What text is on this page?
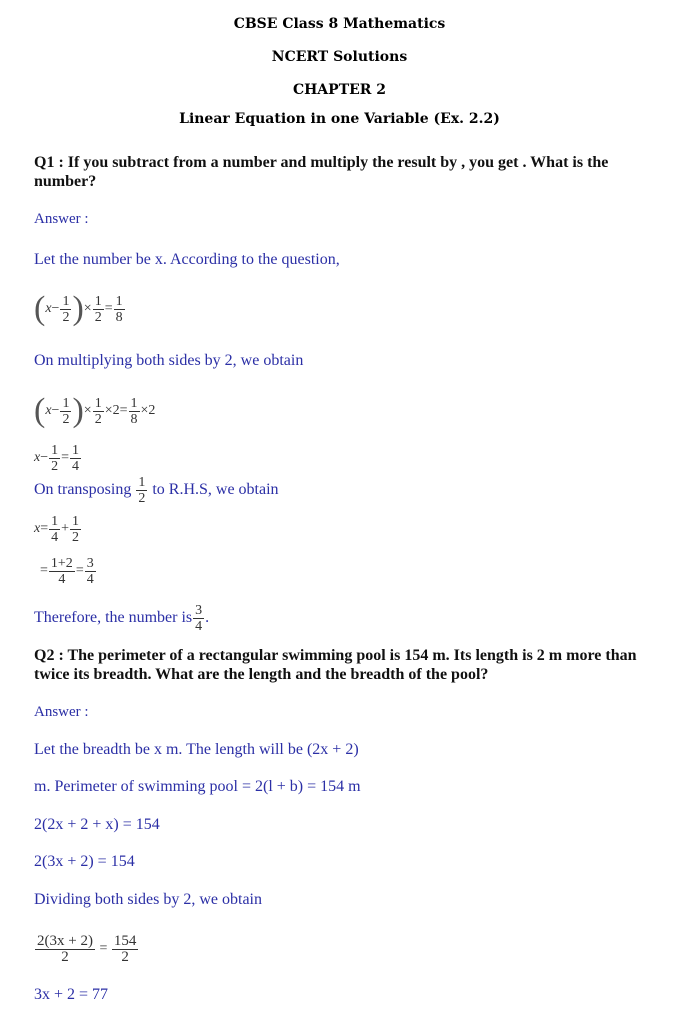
CBSE Class 8 Mathematics
NCERT Solutions
CHAPTER 2
Linear Equation in one Variable (Ex. 2.2)
Q1 : If you subtract from a number and multiply the result by , you get . What is the number?
Answer :
Let the number be x. According to the question,
( $x - \frac{1}{2}$ ) × $\frac{1}{2} = \frac{1}{8}$
On multiplying both sides by 2, we obtain
( $x - \frac{1}{2}$ ) × $\frac{1}{2} \times 2 = \frac{1}{8} \times 2$
$x - \frac{1}{2} = \frac{1}{4}$
On transposing
$\frac{1}{2}$
to R.H.S, we obtain
$x = \frac{1}{4} + \frac{1}{2}$
= $\frac{1+2}{4} = \frac{3}{4}$
Therefore, the number is $\frac{3}{4}$ .
Q2 : The perimeter of a rectangular swimming pool is 154 m. Its length is 2 m more than twice its breadth. What are the length and the breadth of the pool?
Answer :
Let the breadth be x m. The length will be (2x + 2)
m. Perimeter of swimming pool = 2(l + b) = 154 m
2(2x + 2 + x) = 154
2(3x + 2) = 154
Dividing both sides by 2, we obtain
$\frac{2(3x + 2)}{2} = \frac{154}{2}$
3x + 2 = 77
